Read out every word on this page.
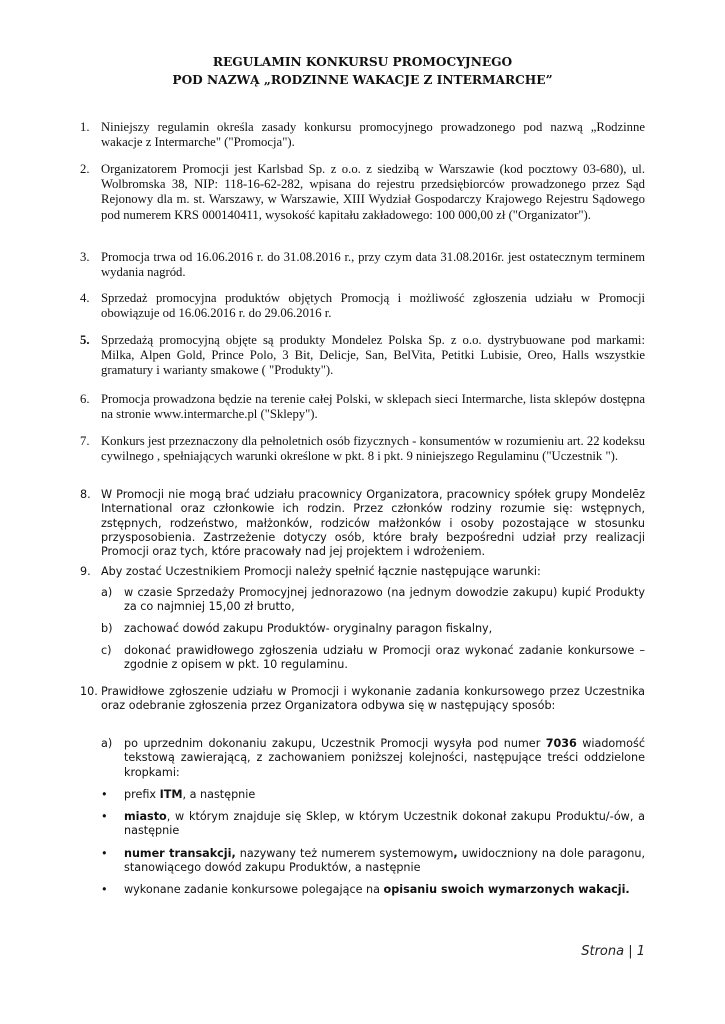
REGULAMIN KONKURSU PROMOCYJNEGO
POD NAZWĄ „RODZINNE WAKACJE Z INTERMARCHE”
1. Niniejszy regulamin określa zasady konkursu promocyjnego prowadzonego pod nazwą „Rodzinne wakacje z Intermarche" ("Promocja").
2. Organizatorem Promocji jest Karlsbad Sp. z o.o. z siedzibą w Warszawie (kod pocztowy 03-680), ul. Wolbromska 38, NIP: 118-16-62-282, wpisana do rejestru przedsiębiorców prowadzonego przez Sąd Rejonowy dla m. st. Warszawy, w Warszawie, XIII Wydział Gospodarczy Krajowego Rejestru Sądowego pod numerem KRS 000140411, wysokość kapitału zakładowego: 100 000,00 zł ("Organizator").
3. Promocja trwa od 16.06.2016 r. do 31.08.2016 r., przy czym data 31.08.2016r. jest ostatecznym terminem wydania nagród.
4. Sprzedaż promocyjna produktów objętych Promocją i możliwość zgłoszenia udziału w Promocji obowiązuje od 16.06.2016 r. do 29.06.2016 r.
5. Sprzedażą promocyjną objęte są produkty Mondelez Polska Sp. z o.o. dystrybuowane pod markami: Milka, Alpen Gold, Prince Polo, 3 Bit, Delicje, San, BelVita, Petitki Lubisie, Oreo, Halls wszystkie gramatury i warianty smakowe ( "Produkty").
6. Promocja prowadzona będzie na terenie całej Polski, w sklepach sieci Intermarche, lista sklepów dostępna na stronie www.intermarche.pl ("Sklepy").
7. Konkurs jest przeznaczony dla pełnoletnich osób fizycznych - konsumentów w rozumieniu art. 22 kodeksu cywilnego , spełniających warunki określone w pkt. 8 i pkt. 9 niniejszego Regulaminu ("Uczestnik ").
8. W Promocji nie mogą brać udziału pracownicy Organizatora, pracownicy spółek grupy Mondelēz International oraz członkowie ich rodzin. Przez członków rodziny rozumie się: wstępnych, zstępnych, rodzeństwo, małżonków, rodziców małżonków i osoby pozostające w stosunku przysposobienia. Zastrzeżenie dotyczy osób, które brały bezpośredni udział przy realizacji Promocji oraz tych, które pracowały nad jej projektem i wdrożeniem.
9. Aby zostać Uczestnikiem Promocji należy spełnić łącznie następujące warunki:
a)	w czasie Sprzedaży Promocyjnej jednorazowo (na jednym dowodzie zakupu) kupić Produkty za co najmniej 15,00 zł brutto,
b)	zachować dowód zakupu Produktów- oryginalny paragon fiskalny,
c)	dokonać prawidłowego zgłoszenia udziału w Promocji oraz wykonać zadanie konkursowe – zgodnie z opisem w pkt. 10 regulaminu.
10. Prawidłowe zgłoszenie udziału w Promocji i wykonanie zadania konkursowego przez Uczestnika oraz odebranie zgłoszenia przez Organizatora odbywa się w następujący sposób:
a)	po uprzednim dokonaniu zakupu, Uczestnik Promocji wysyła pod numer 7036 wiadomość tekstową zawierającą, z zachowaniem poniższej kolejności, następujące treści oddzielone kropkami:
•	prefix ITM, a następnie
•	miasto, w którym znajduje się Sklep, w którym Uczestnik dokonał zakupu Produktu/-ów, a następnie
•	numer transakcji, nazywany też numerem systemowym, uwidoczniony na dole paragonu, stanowiącego dowód zakupu Produktów, a następnie
•	wykonane zadanie konkursowe polegające na opisaniu swoich wymarzonych wakacji.
Strona | 1
